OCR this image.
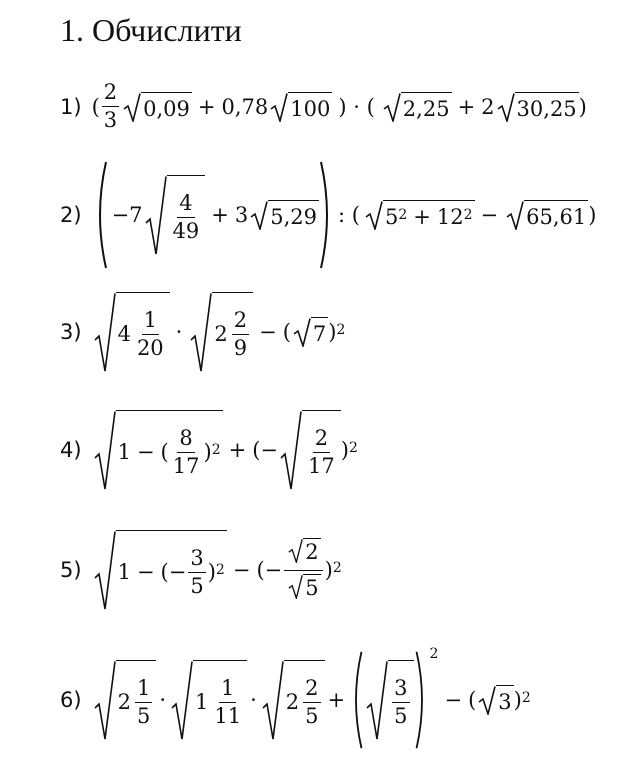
1. Обчислити
1) ( $\frac{2}{3} 0,09 + 0,78$ 100 ) · ( 2,25 + 2 30,25 )
$2) -7 \frac{4}{49} + 3$ 5,29 : ( 5 2 + 12 2 − 65,61 )
3) $4 \frac{1}{20} \cdot 2 \frac{2}{9}$ − ( 7 ) 2
4) 1 − ( $\frac{8}{17}$ ) 2 + (− $\frac{2}{17}$ ) 2
5) 1 − (− $\frac{3}{5}$ ) 2 − (− $\frac{2}{5}$ ) 2
6) $2 \frac{1}{5} \cdot 1 \frac{1}{11} \cdot 2 \frac{2}{5} + \frac{3}{5}$
2
− ( 3 ) 2
